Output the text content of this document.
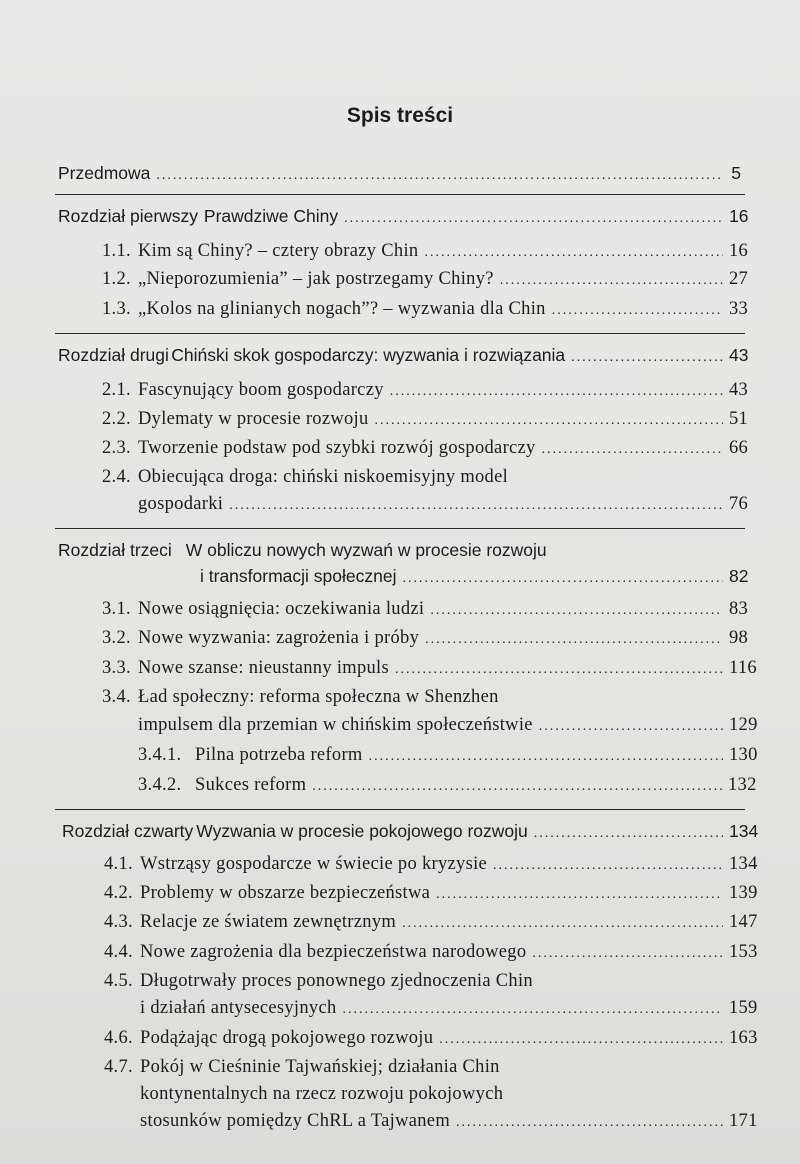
Spis treści
Przedmowa .....	5
Rozdział pierwszy Prawdziwe Chiny .....	16
1.1. Kim są Chiny? – cztery obrazy Chin .....	16
1.2. „Nieporozumienia” – jak postrzegamy Chiny? .....	27
1.3. „Kolos na glinianych nogach”? – wyzwania dla Chin .....	33
Rozdział drugi Chiński skok gospodarczy: wyzwania i rozwiązania .....	43
2.1. Fascynujący boom gospodarczy .....	43
2.2. Dylematy w procesie rozwoju .....	51
2.3. Tworzenie podstaw pod szybki rozwój gospodarczy .....	66
2.4. Obiecująca droga: chiński niskoemisyjny model
gospodarki .....	76
Rozdział trzeci W obliczu nowych wyzwań w procesie rozwoju
i transformacji społecznej .....	82
3.1. Nowe osiągnięcia: oczekiwania ludzi .....	83
3.2. Nowe wyzwania: zagrożenia i próby .....	98
3.3. Nowe szanse: nieustanny impuls .....	116
3.4. Ład społeczny: reforma społeczna w Shenzhen
impulsem dla przemian w chińskim społeczeństwie .....	129
3.4.1. Pilna potrzeba reform .....	130
3.4.2. Sukces reform .....	132
Rozdział czwarty Wyzwania w procesie pokojowego rozwoju .....	134
4.1. Wstrząsy gospodarcze w świecie po kryzysie .....	134
4.2. Problemy w obszarze bezpieczeństwa .....	139
4.3. Relacje ze światem zewnętrznym .....	147
4.4. Nowe zagrożenia dla bezpieczeństwa narodowego .....	153
4.5. Długotrwały proces ponownego zjednoczenia Chin
i działań antysecesyjnych .....	159
4.6. Podążając drogą pokojowego rozwoju .....	163
4.7. Pokój w Cieśninie Tajwańskiej; działania Chin
kontynentalnych na rzecz rozwoju pokojowych
stosunków pomiędzy ChRL a Tajwanem .....	171
